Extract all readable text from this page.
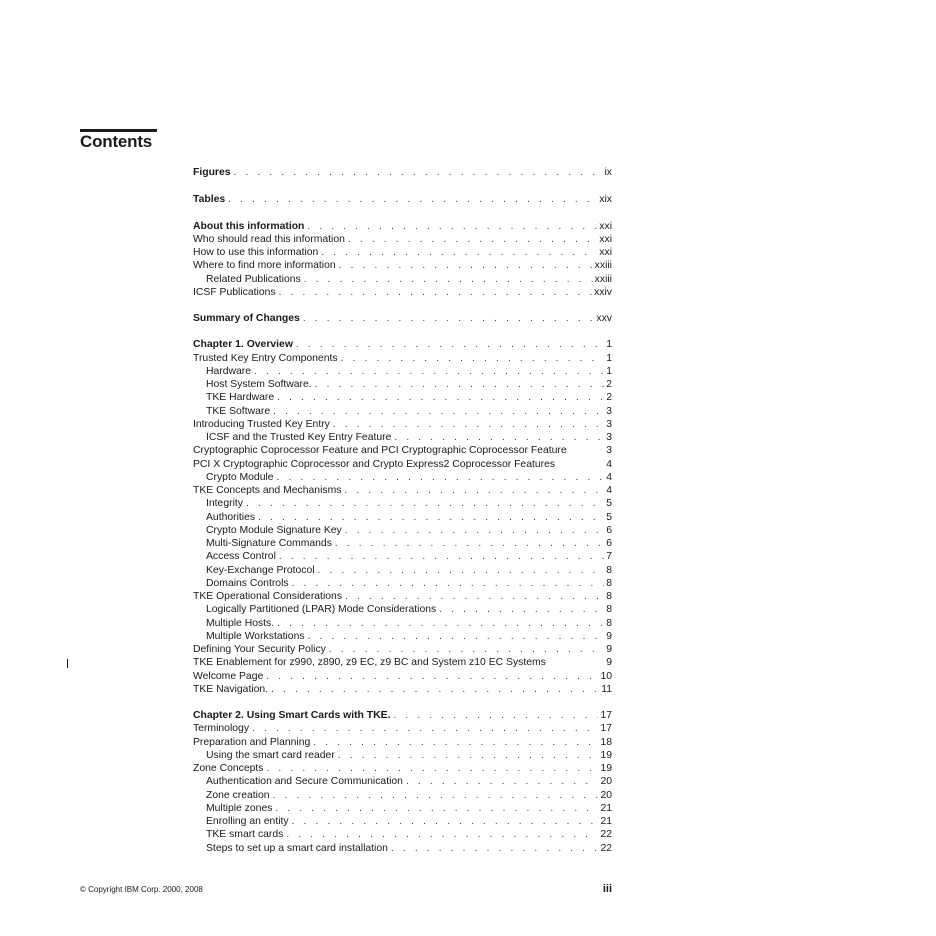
Contents
Figures . . .	ix
Tables . . .	xix
About this information . . .	xxi
Who should read this information . . .	xxi
How to use this information . . .	xxi
Where to find more information . . .	xxiii
Related Publications . . .	xxiii
ICSF Publications . . .	xxiv
Summary of Changes . . .	xxv
Chapter 1. Overview . . .	1
Trusted Key Entry Components . . .	1
Hardware . . .	1
Host System Software. . . .	2
TKE Hardware . . .	2
TKE Software . . .	3
Introducing Trusted Key Entry . . .	3
ICSF and the Trusted Key Entry Feature . . .	3
Cryptographic Coprocessor Feature and PCI Cryptographic Coprocessor Feature	3
PCI X Cryptographic Coprocessor and Crypto Express2 Coprocessor Features	4
Crypto Module . . .	4
TKE Concepts and Mechanisms . . .	4
Integrity . . .	5
Authorities . . .	5
Crypto Module Signature Key . . .	6
Multi-Signature Commands . . .	6
Access Control . . .	7
Key-Exchange Protocol . . .	8
Domains Controls . . .	8
TKE Operational Considerations . . .	8
Logically Partitioned (LPAR) Mode Considerations . . .	8
Multiple Hosts. . . .	8
Multiple Workstations . . .	9
Defining Your Security Policy . . .	9
TKE Enablement for z990, z890, z9 EC, z9 BC and System z10 EC Systems	9
Welcome Page . . .	10
TKE Navigation. . . .	11
Chapter 2. Using Smart Cards with TKE. . . .	17
Terminology . . .	17
Preparation and Planning . . .	18
Using the smart card reader . . .	19
Zone Concepts . . .	19
Authentication and Secure Communication . . .	20
Zone creation . . .	20
Multiple zones . . .	21
Enrolling an entity . . .	21
TKE smart cards . . .	22
Steps to set up a smart card installation . . .	22
© Copyright IBM Corp. 2000, 2008	iii
